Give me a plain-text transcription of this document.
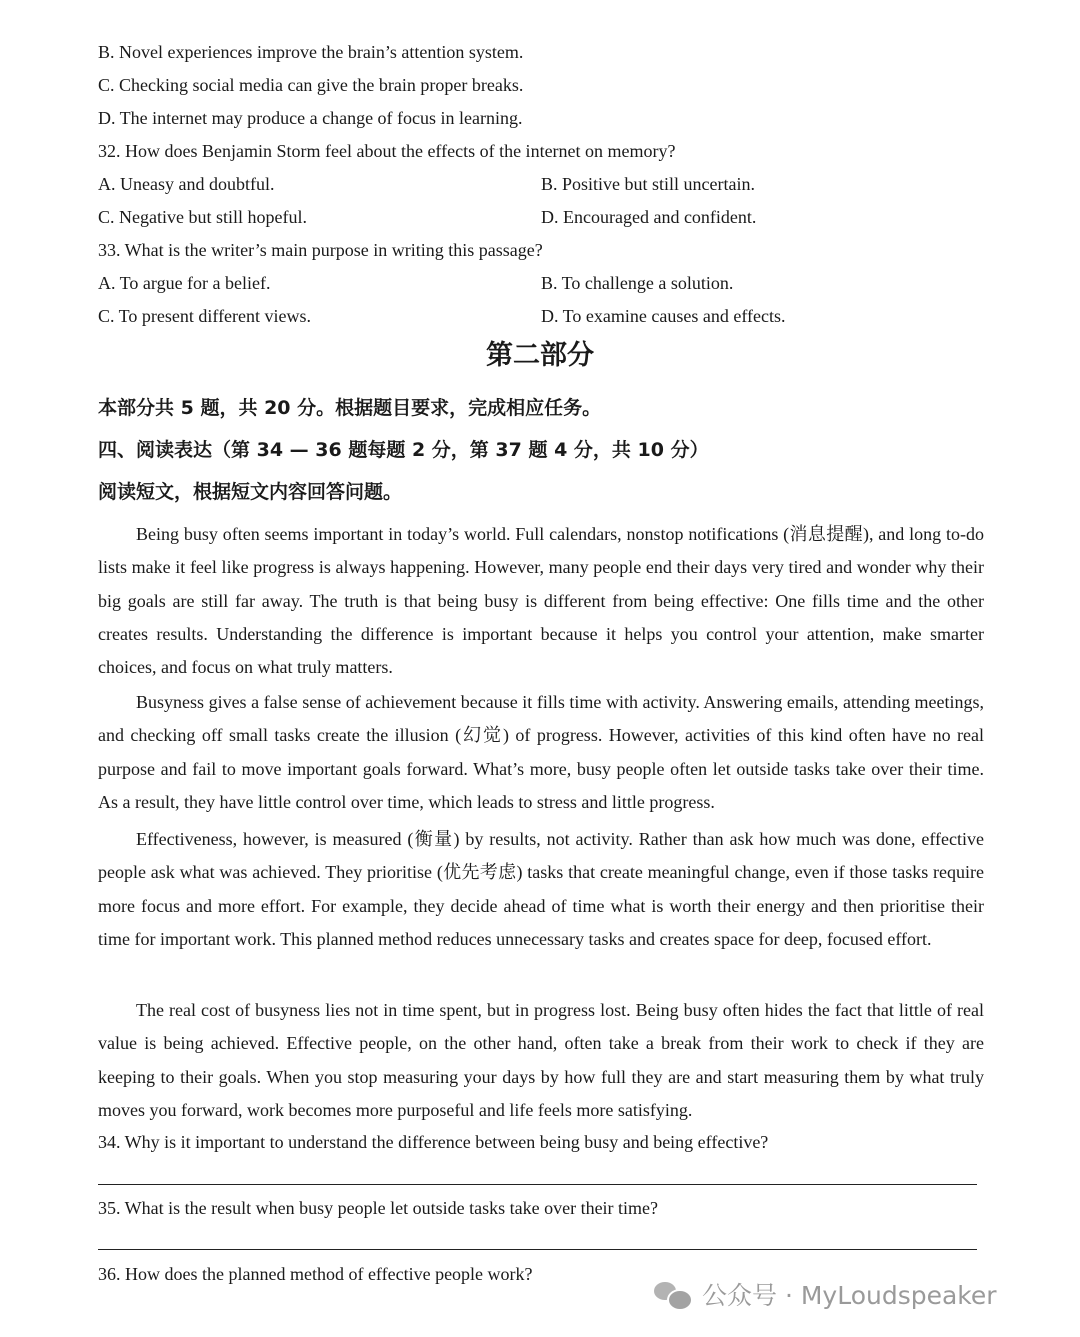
B. Novel experiences improve the brain’s attention system.
C. Checking social media can give the brain proper breaks.
D. The internet may produce a change of focus in learning.
32. How does Benjamin Storm feel about the effects of the internet on memory?
A. Uneasy and doubtful.	B. Positive but still uncertain.
C. Negative but still hopeful.	D. Encouraged and confident.
33. What is the writer’s main purpose in writing this passage?
A. To argue for a belief.	B. To challenge a solution.
C. To present different views.	D. To examine causes and effects.
第二部分
本部分共 5 题，共 20 分。根据题目要求，完成相应任务。
四、阅读表达（第 34 — 36 题每题 2 分，第 37 题 4 分，共 10 分）
阅读短文，根据短文内容回答问题。

Being busy often seems important in today’s world. Full calendars, nonstop notifications (消息提醒), and long to-do lists make it feel like progress is always happening. However, many people end their days very tired and wonder why their big goals are still far away. The truth is that being busy is different from being effective: One fills time and the other creates results. Understanding the difference is important because it helps you control your attention, make smarter choices, and focus on what truly matters.

Busyness gives a false sense of achievement because it fills time with activity. Answering emails, attending meetings, and checking off small tasks create the illusion (幻觉) of progress. However, activities of this kind often have no real purpose and fail to move important goals forward. What’s more, busy people often let outside tasks take over their time. As a result, they have little control over time, which leads to stress and little progress.

Effectiveness, however, is measured (衡量) by results, not activity. Rather than ask how much was done, effective people ask what was achieved. They prioritise (优先考虑) tasks that create meaningful change, even if those tasks require more focus and more effort. For example, they decide ahead of time what is worth their energy and then prioritise their time for important work. This planned method reduces unnecessary tasks and creates space for deep, focused effort.

The real cost of busyness lies not in time spent, but in progress lost. Being busy often hides the fact that little of real value is being achieved. Effective people, on the other hand, often take a break from their work to check if they are keeping to their goals. When you stop measuring your days by how full they are and start measuring them by what truly moves you forward, work becomes more purposeful and life feels more satisfying.

34. Why is it important to understand the difference between being busy and being effective?
35. What is the result when busy people let outside tasks take over their time?
36. How does the planned method of effective people work?
公众号 · MyLoudspeaker
